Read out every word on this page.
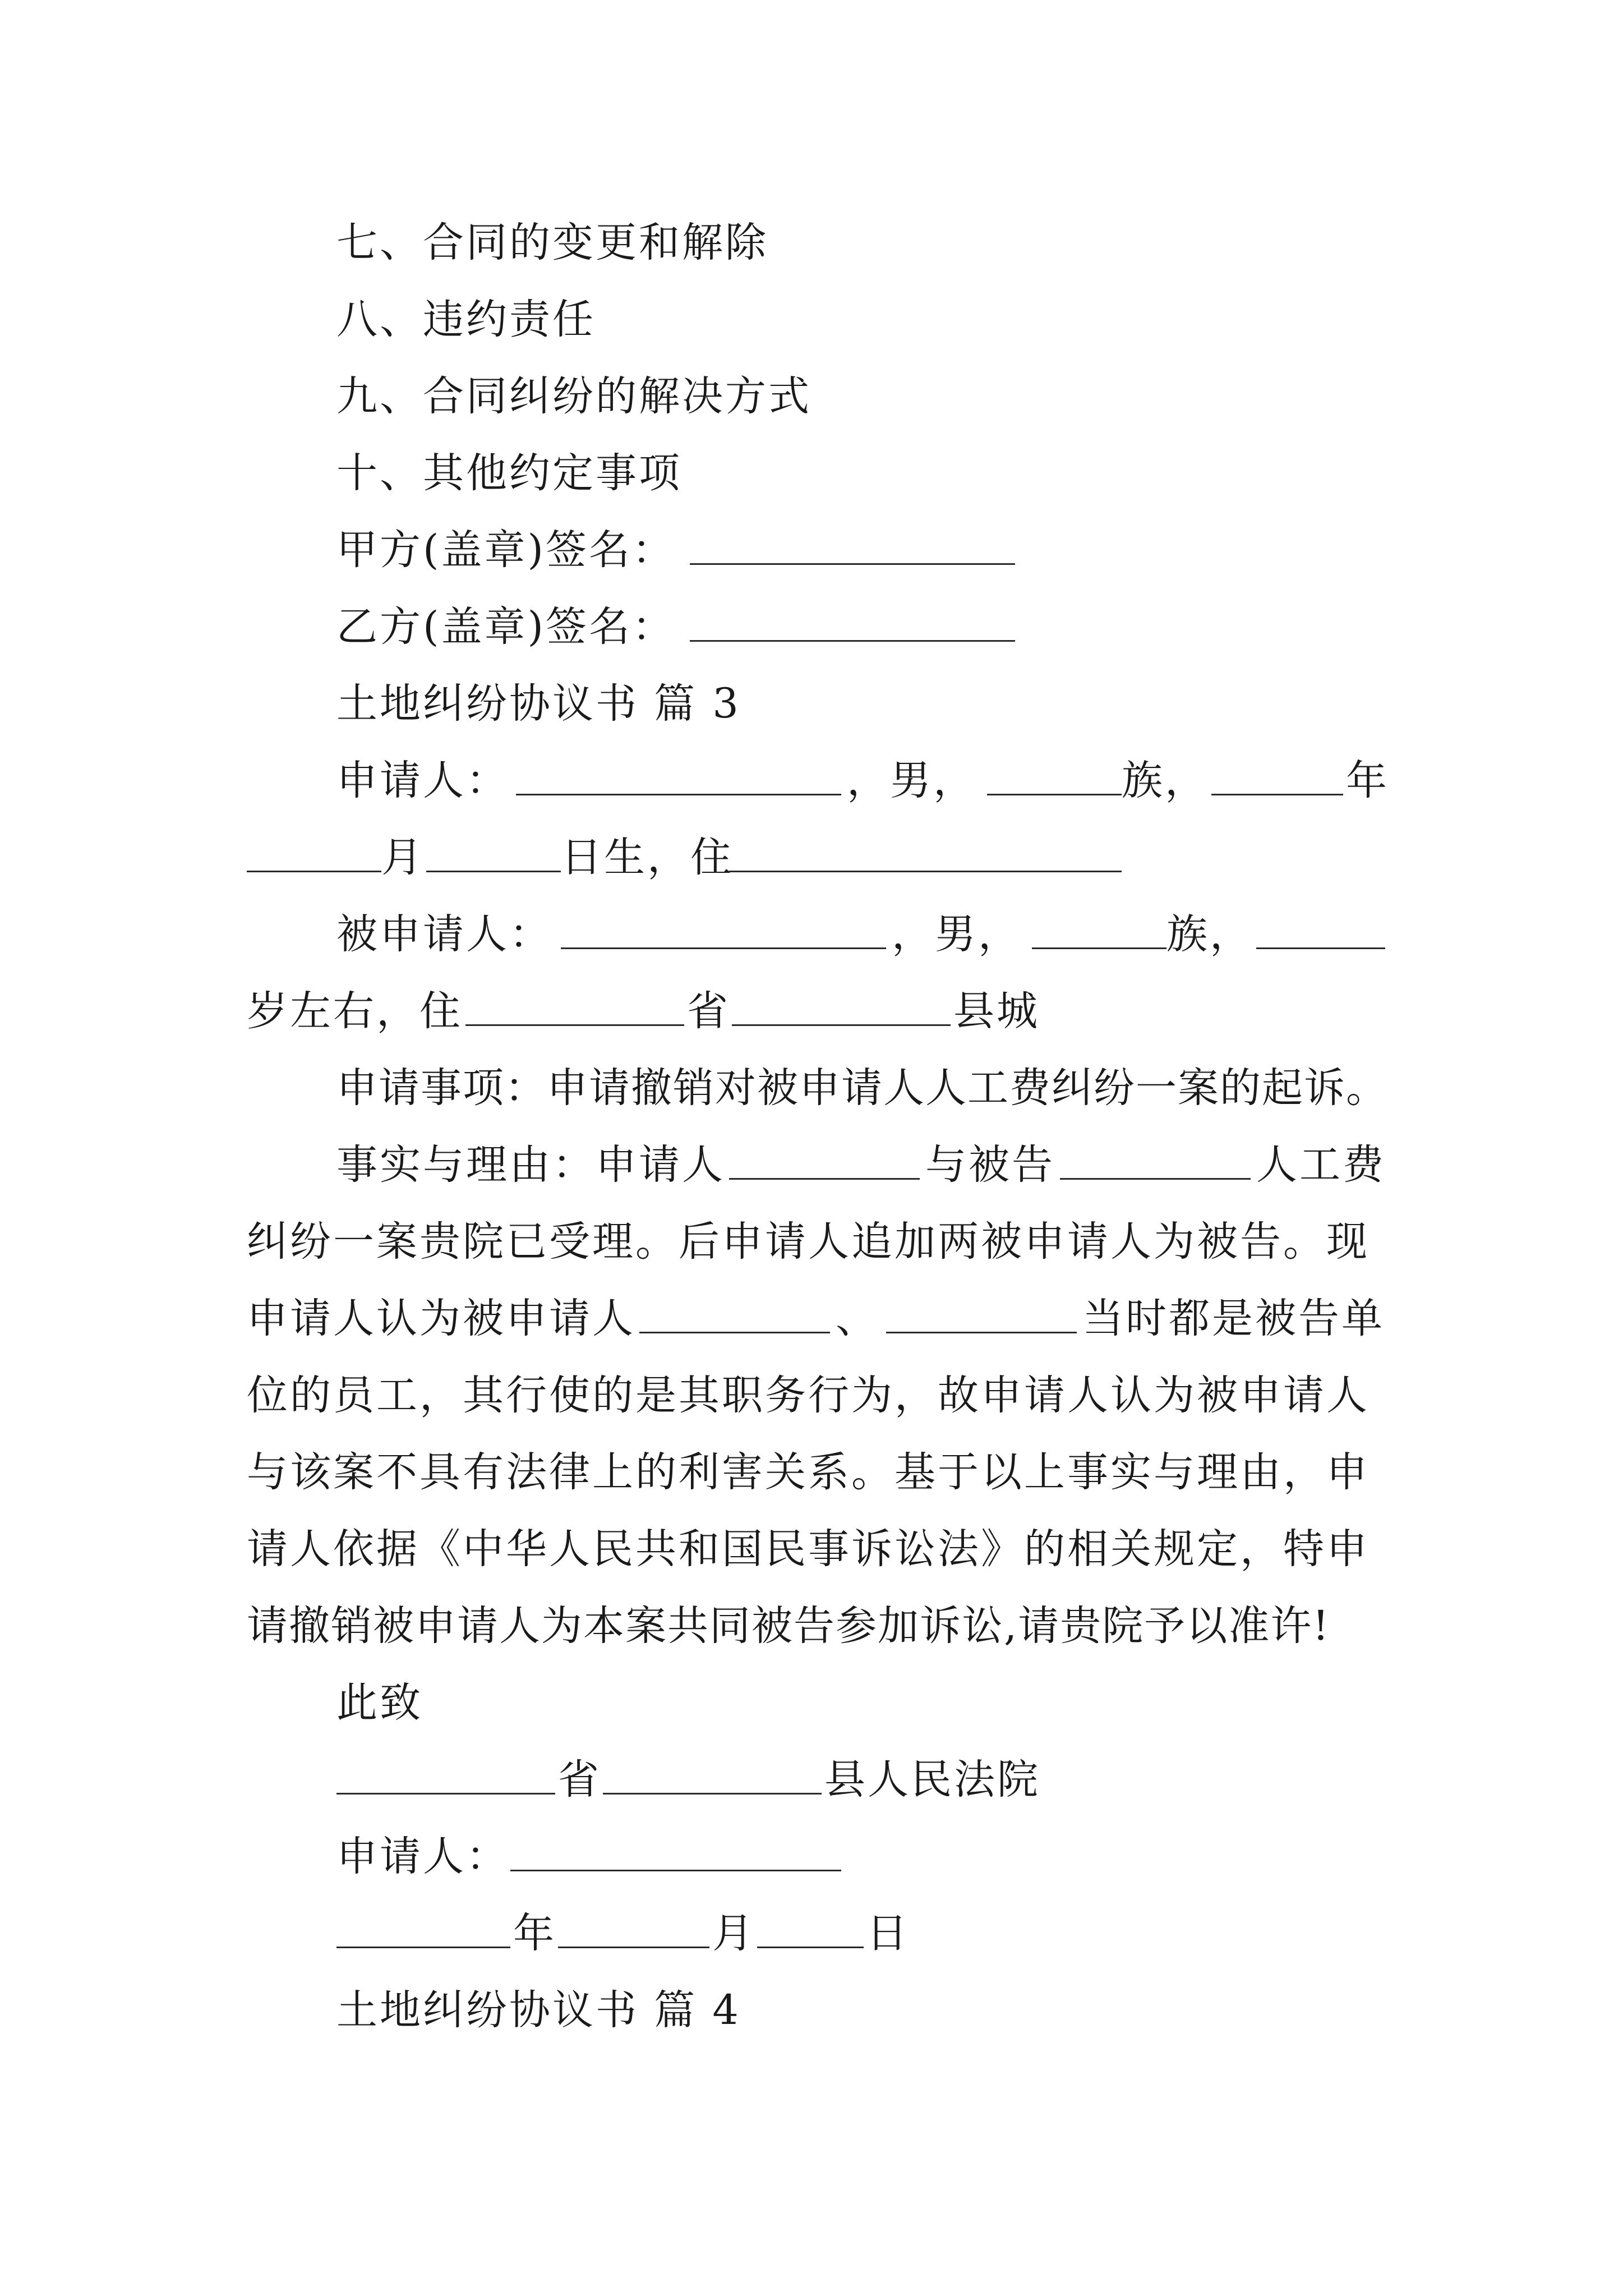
七、合同的变更和解除
八、违约责任
九、合同纠纷的解决方式
十、其他约定事项
甲方(盖章)签名：
乙方(盖章)签名：
土地纠纷协议书 篇 3
申请人：	，男，	族，	年
月	日生，住
被申请人：	，男，	族，
岁左右，住	省	县城
申请事项：申请撤销对被申请人人工费纠纷一案的起诉。
事实与理由：申请人	与被告	人工费
纠纷一案贵院已受理。后申请人追加两被申请人为被告。现
申请人认为被申请人	、	当时都是被告单
位的员工，其行使的是其职务行为，故申请人认为被申请人
与该案不具有法律上的利害关系。基于以上事实与理由，申
请人依据《中华人民共和国民事诉讼法》的相关规定，特申
请撤销被申请人为本案共同被告参加诉讼,请贵院予以准许!
此致
省	县人民法院
申请人：
年	月	日
土地纠纷协议书 篇 4
